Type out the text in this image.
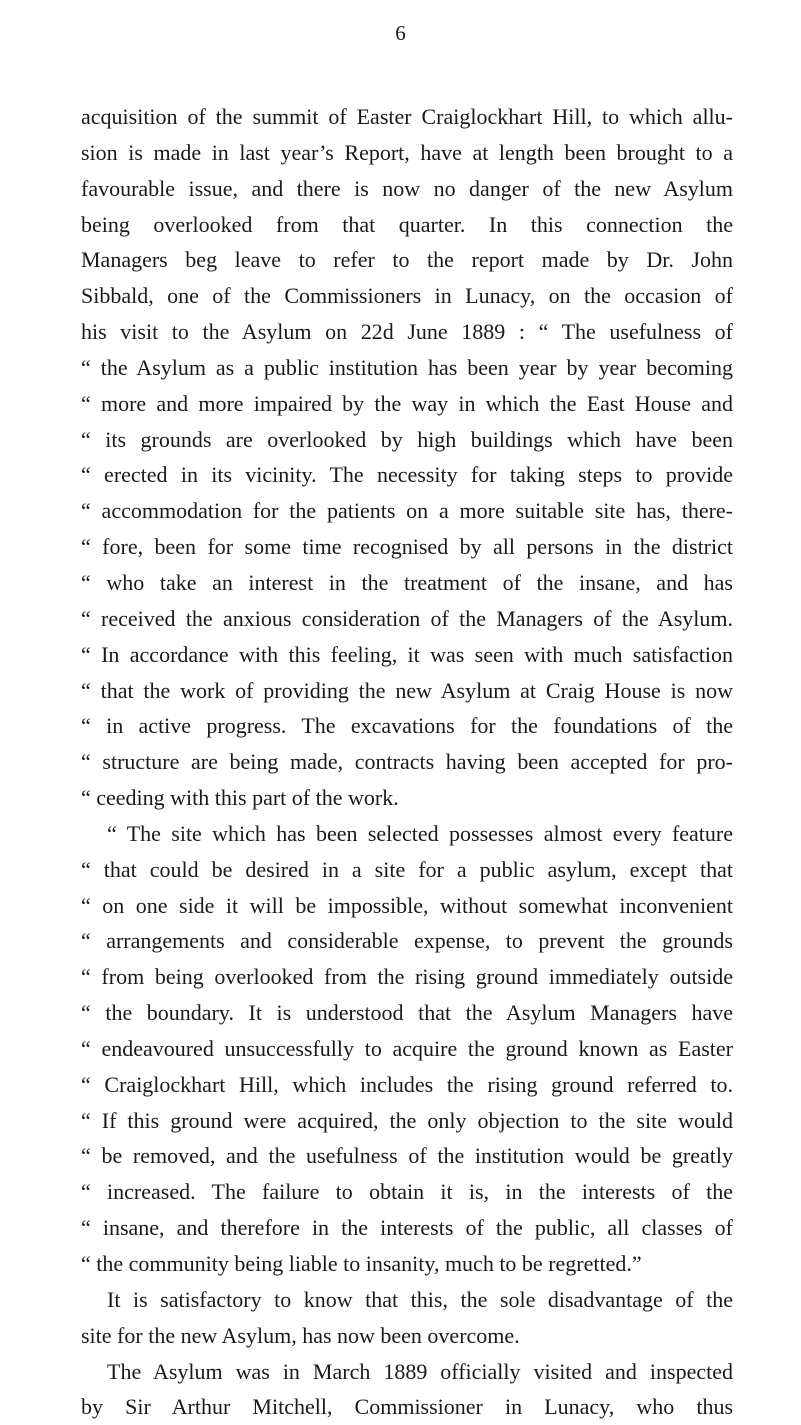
6
acquisition of the summit of Easter Craiglockhart Hill, to which allu-
sion is made in last year’s Report, have at length been brought to a
favourable issue, and there is now no danger of the new Asylum
being overlooked from that quarter. In this connection the
Managers beg leave to refer to the report made by Dr. John
Sibbald, one of the Commissioners in Lunacy, on the occasion of
his visit to the Asylum on 22d June 1889 : “ The usefulness of
“ the Asylum as a public institution has been year by year becoming
“ more and more impaired by the way in which the East House and
“ its grounds are overlooked by high buildings which have been
“ erected in its vicinity. The necessity for taking steps to provide
“ accommodation for the patients on a more suitable site has, there-
“ fore, been for some time recognised by all persons in the district
“ who take an interest in the treatment of the insane, and has
“ received the anxious consideration of the Managers of the Asylum.
“ In accordance with this feeling, it was seen with much satisfaction
“ that the work of providing the new Asylum at Craig House is now
“ in active progress. The excavations for the foundations of the
“ structure are being made, contracts having been accepted for pro-
“ ceeding with this part of the work.
“ The site which has been selected possesses almost every feature
“ that could be desired in a site for a public asylum, except that
“ on one side it will be impossible, without somewhat inconvenient
“ arrangements and considerable expense, to prevent the grounds
“ from being overlooked from the rising ground immediately outside
“ the boundary. It is understood that the Asylum Managers have
“ endeavoured unsuccessfully to acquire the ground known as Easter
“ Craiglockhart Hill, which includes the rising ground referred to.
“ If this ground were acquired, the only objection to the site would
“ be removed, and the usefulness of the institution would be greatly
“ increased. The failure to obtain it is, in the interests of the
“ insane, and therefore in the interests of the public, all classes of
“ the community being liable to insanity, much to be regretted.”
It is satisfactory to know that this, the sole disadvantage of the
site for the new Asylum, has now been overcome.
The Asylum was in March 1889 officially visited and inspected
by Sir Arthur Mitchell, Commissioner in Lunacy, who thus
